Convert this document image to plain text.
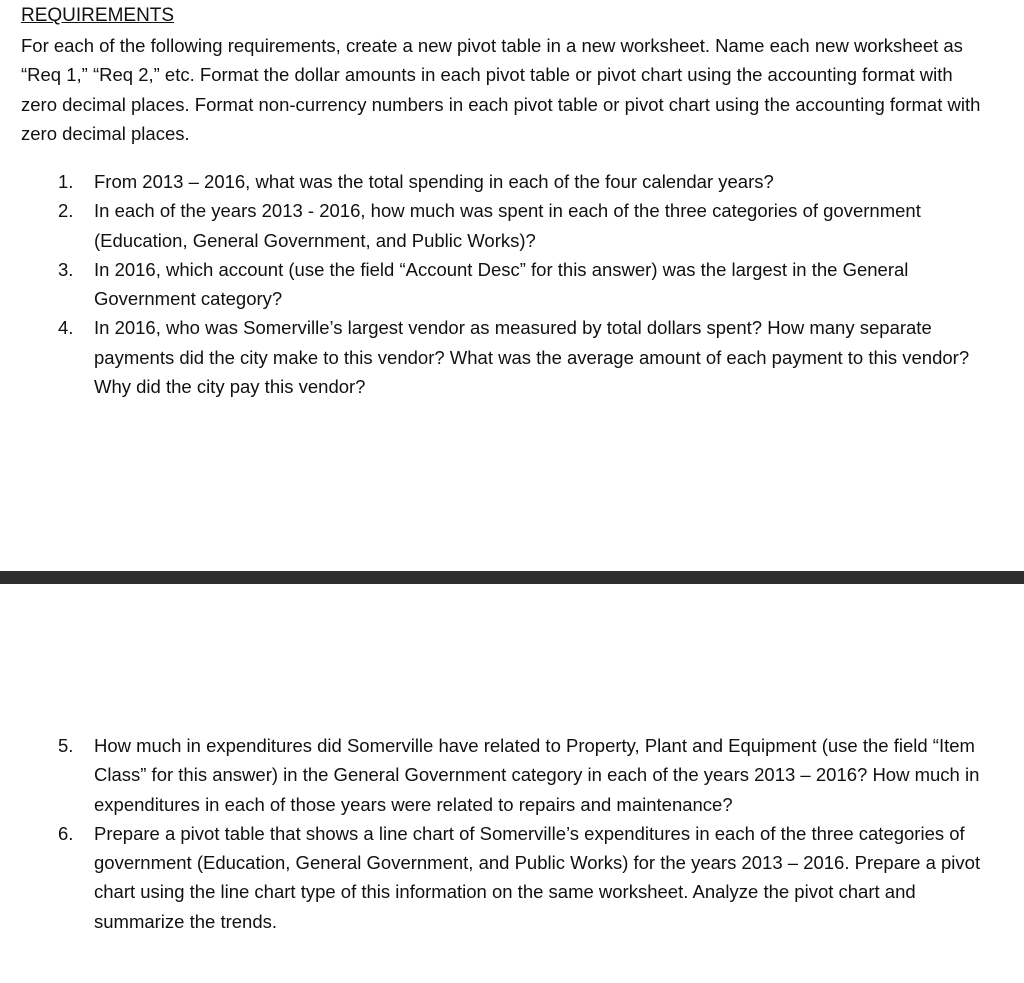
REQUIREMENTS

For each of the following requirements, create a new pivot table in a new worksheet. Name each new worksheet as “Req 1,” “Req 2,” etc. Format the dollar amounts in each pivot table or pivot chart using the accounting format with zero decimal places. Format non-currency numbers in each pivot table or pivot chart using the accounting format with zero decimal places.

1. From 2013 – 2016, what was the total spending in each of the four calendar years?
2. In each of the years 2013 - 2016, how much was spent in each of the three categories of government (Education, General Government, and Public Works)?
3. In 2016, which account (use the field “Account Desc” for this answer) was the largest in the General Government category?
4. In 2016, who was Somerville’s largest vendor as measured by total dollars spent? How many separate payments did the city make to this vendor? What was the average amount of each payment to this vendor? Why did the city pay this vendor?
5. How much in expenditures did Somerville have related to Property, Plant and Equipment (use the field “Item Class” for this answer) in the General Government category in each of the years 2013 – 2016? How much in expenditures in each of those years were related to repairs and maintenance?
6. Prepare a pivot table that shows a line chart of Somerville’s expenditures in each of the three categories of government (Education, General Government, and Public Works) for the years 2013 – 2016. Prepare a pivot chart using the line chart type of this information on the same worksheet. Analyze the pivot chart and summarize the trends.
